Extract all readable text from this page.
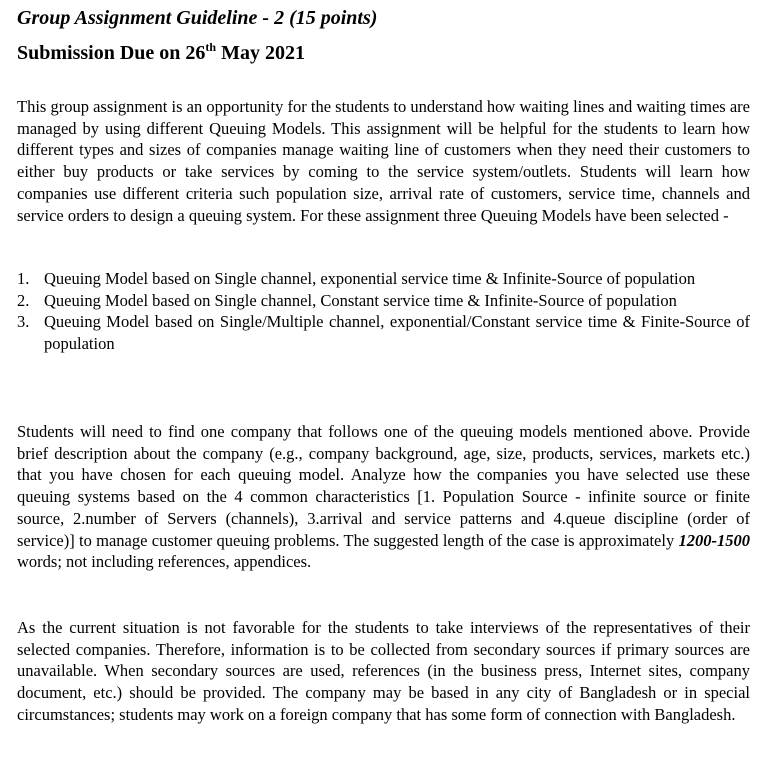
Group Assignment Guideline - 2 (15 points)
Submission Due on 26th May 2021

This group assignment is an opportunity for the students to understand how waiting lines and waiting times are managed by using different Queuing Models. This assignment will be helpful for the students to learn how different types and sizes of companies manage waiting line of customers when they need their customers to either buy products or take services by coming to the service system/outlets. Students will learn how companies use different criteria such population size, arrival rate of customers, service time, channels and service orders to design a queuing system. For these assignment three Queuing Models have been selected -

1. Queuing Model based on Single channel, exponential service time & Infinite-Source of population
2. Queuing Model based on Single channel, Constant service time & Infinite-Source of population
3. Queuing Model based on Single/Multiple channel, exponential/Constant service time & Finite-Source of population

Students will need to find one company that follows one of the queuing models mentioned above. Provide brief description about the company (e.g., company background, age, size, products, services, markets etc.) that you have chosen for each queuing model. Analyze how the companies you have selected use these queuing systems based on the 4 common characteristics [1. Population Source - infinite source or finite source, 2.number of Servers (channels), 3.arrival and service patterns and 4.queue discipline (order of service)] to manage customer queuing problems. The suggested length of the case is approximately 1200-1500 words; not including references, appendices.

As the current situation is not favorable for the students to take interviews of the representatives of their selected companies. Therefore, information is to be collected from secondary sources if primary sources are unavailable. When secondary sources are used, references (in the business press, Internet sites, company document, etc.) should be provided. The company may be based in any city of Bangladesh or in special circumstances; students may work on a foreign company that has some form of connection with Bangladesh.
